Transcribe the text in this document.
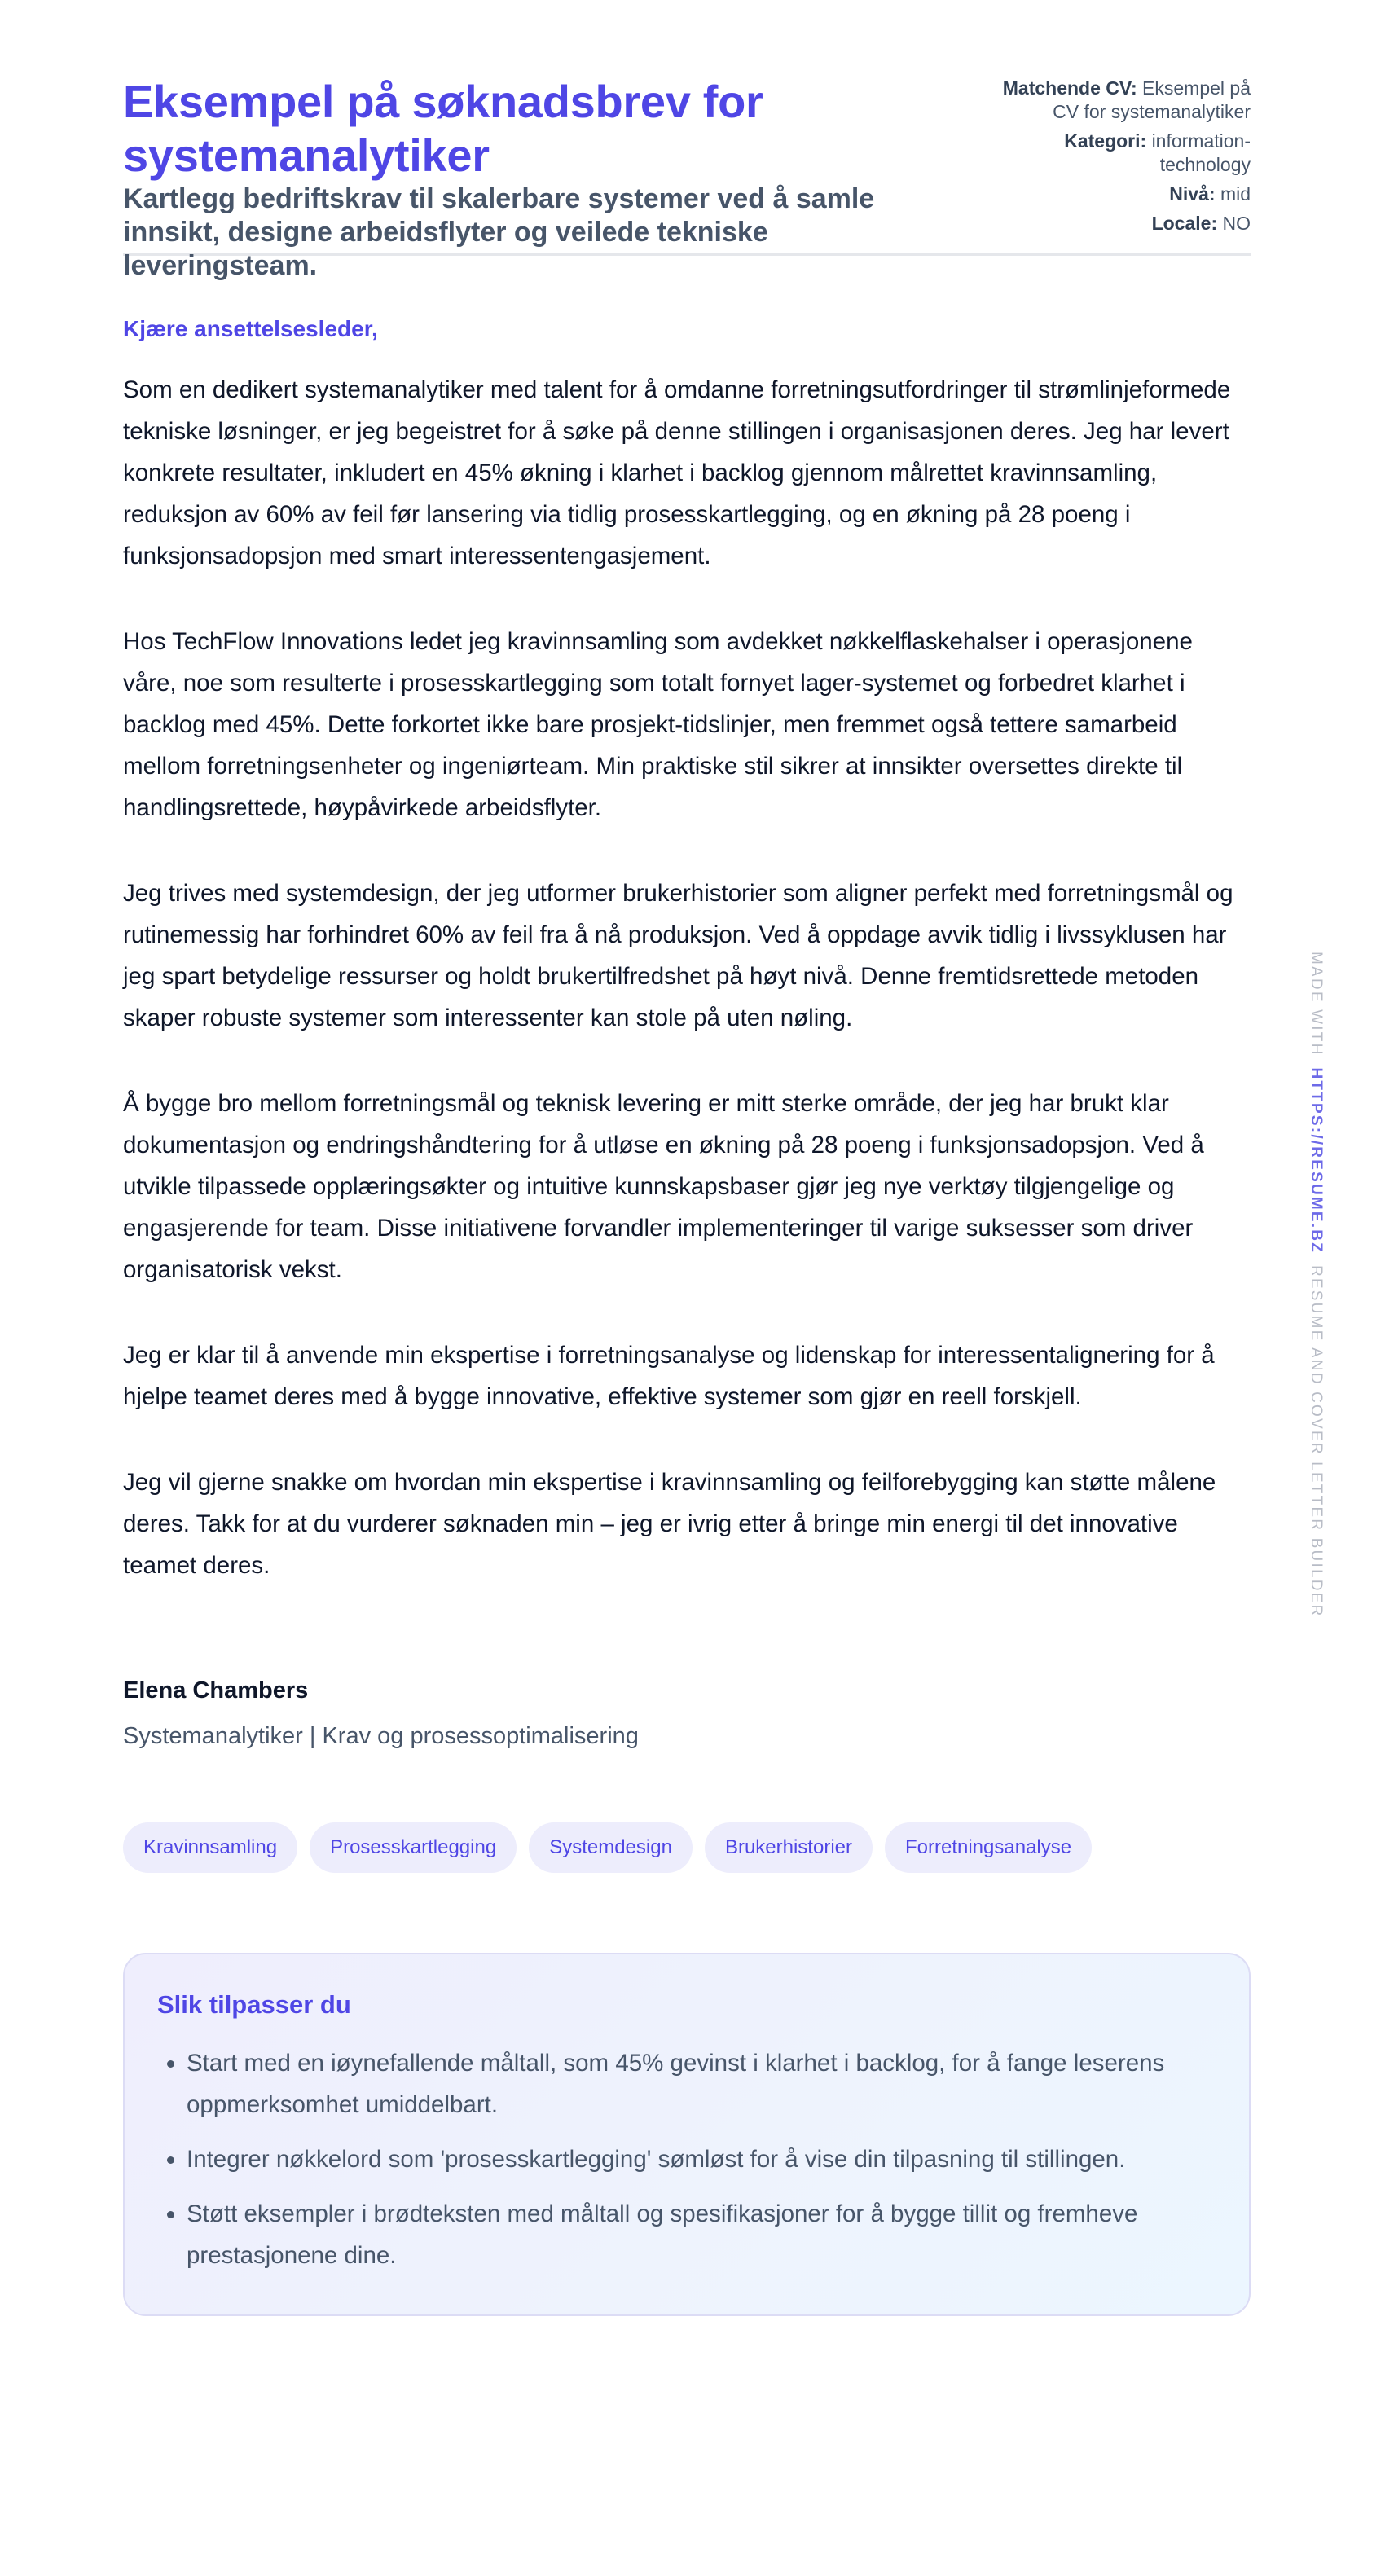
Eksempel på søknadsbrev for systemanalytiker

Kartlegg bedriftskrav til skalerbare systemer ved å samle innsikt, designe arbeidsflyter og veilede tekniske leveringsteam.

Matchende CV: Eksempel på CV for systemanalytiker
Kategori: information-technology
Nivå: mid
Locale: NO
Kjære ansettelsesleder,

Som en dedikert systemanalytiker med talent for å omdanne forretningsutfordringer til strømlinjeformede tekniske løsninger, er jeg begeistret for å søke på denne stillingen i organisasjonen deres. Jeg har levert konkrete resultater, inkludert en 45% økning i klarhet i backlog gjennom målrettet kravinnsamling, reduksjon av 60% av feil før lansering via tidlig prosesskartlegging, og en økning på 28 poeng i funksjonsadopsjon med smart interessentengasjement.

Hos TechFlow Innovations ledet jeg kravinnsamling som avdekket nøkkelflaskehalser i operasjonene våre, noe som resulterte i prosesskartlegging som totalt fornyet lager-systemet og forbedret klarhet i backlog med 45%. Dette forkortet ikke bare prosjekt-tidslinjer, men fremmet også tettere samarbeid mellom forretningsenheter og ingeniørteam. Min praktiske stil sikrer at innsikter oversettes direkte til handlingsrettede, høypåvirkede arbeidsflyter.

Jeg trives med systemdesign, der jeg utformer brukerhistorier som aligner perfekt med forretningsmål og rutinemessig har forhindret 60% av feil fra å nå produksjon. Ved å oppdage avvik tidlig i livssyklusen har jeg spart betydelige ressurser og holdt brukertilfredshet på høyt nivå. Denne fremtidsrettede metoden skaper robuste systemer som interessenter kan stole på uten nøling.

Å bygge bro mellom forretningsmål og teknisk levering er mitt sterke område, der jeg har brukt klar dokumentasjon og endringshåndtering for å utløse en økning på 28 poeng i funksjonsadopsjon. Ved å utvikle tilpassede opplæringsøkter og intuitive kunnskapsbaser gjør jeg nye verktøy tilgjengelige og engasjerende for team. Disse initiativene forvandler implementeringer til varige suksesser som driver organisatorisk vekst.

Jeg er klar til å anvende min ekspertise i forretningsanalyse og lidenskap for interessentalignering for å hjelpe teamet deres med å bygge innovative, effektive systemer som gjør en reell forskjell.

Jeg vil gjerne snakke om hvordan min ekspertise i kravinnsamling og feilforebygging kan støtte målene deres. Takk for at du vurderer søknaden min – jeg er ivrig etter å bringe min energi til det innovative teamet deres.

Elena Chambers
Systemanalytiker | Krav og prosessoptimalisering
Kravinnsamling	Prosesskartlegging	Systemdesign	Brukerhistorier	Forretningsanalyse
Slik tilpasser du
• Start med en iøynefallende måltall, som 45% gevinst i klarhet i backlog, for å fange leserens oppmerksomhet umiddelbart.
• Integrer nøkkelord som 'prosesskartlegging' sømløst for å vise din tilpasning til stillingen.
• Støtt eksempler i brødteksten med måltall og spesifikasjoner for å bygge tillit og fremheve prestasjonene dine.
MADE WITHHTTPS://RESUME.BZRESUME AND COVER LETTER BUILDER
